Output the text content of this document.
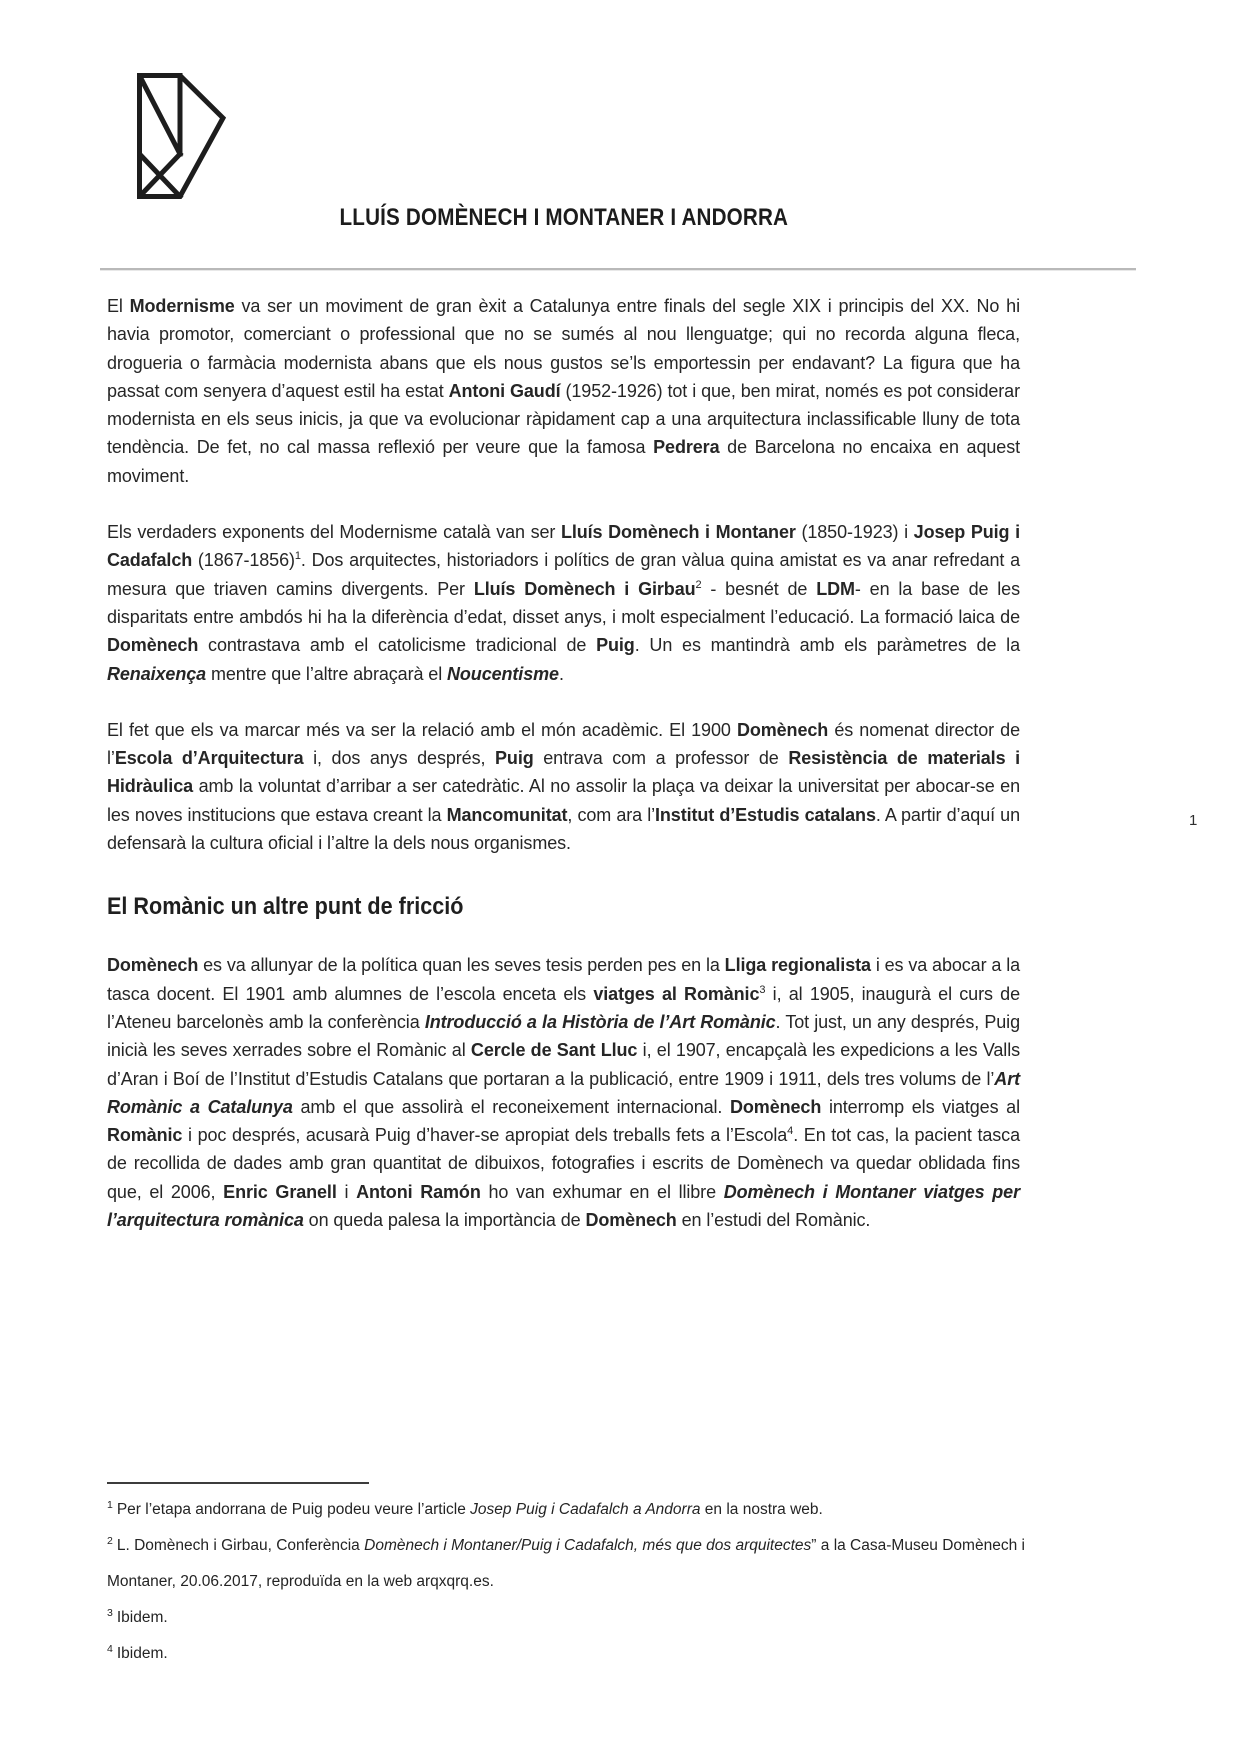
LLUÍS DOMÈNECH I MONTANER I ANDORRA
1

El Modernisme va ser un moviment de gran èxit a Catalunya entre finals del segle XIX i principis del XX. No hi havia promotor, comerciant o professional que no se sumés al nou llenguatge; qui no recorda alguna fleca, drogueria o farmàcia modernista abans que els nous gustos se’ls emportessin per endavant? La figura que ha passat com senyera d’aquest estil ha estat Antoni Gaudí (1952-1926) tot i que, ben mirat, només es pot considerar modernista en els seus inicis, ja que va evolucionar ràpidament cap a una arquitectura inclassificable lluny de tota tendència. De fet, no cal massa reflexió per veure que la famosa Pedrera de Barcelona no encaixa en aquest moviment.

Els verdaders exponents del Modernisme català van ser Lluís Domènech i Montaner (1850-1923) i Josep Puig i Cadafalch (1867-1856)$^1$. Dos arquitectes, historiadors i polítics de gran vàlua quina amistat es va anar refredant a mesura que triaven camins divergents. Per Lluís Domènech i Girbau$^2$ - besnét de LDM- en la base de les disparitats entre ambdós hi ha la diferència d’edat, disset anys, i molt especialment l’educació. La formació laica de Domènech contrastava amb el catolicisme tradicional de Puig. Un es mantindrà amb els paràmetres de la Renaixença mentre que l’altre abraçarà el Noucentisme.

El fet que els va marcar més va ser la relació amb el món acadèmic. El 1900 Domènech és nomenat director de l’Escola d’Arquitectura i, dos anys després, Puig entrava com a professor de Resistència de materials i Hidràulica amb la voluntat d’arribar a ser catedràtic. Al no assolir la plaça va deixar la universitat per abocar-se en les noves institucions que estava creant la Mancomunitat, com ara l’Institut d’Estudis catalans. A partir d’aquí un defensarà la cultura oficial i l’altre la dels nous organismes.

El Romànic un altre punt de fricció

Domènech es va allunyar de la política quan les seves tesis perden pes en la Lliga regionalista i es va abocar a la tasca docent. El 1901 amb alumnes de l’escola enceta els viatges al Romànic$^3$ i, al 1905, inaugurà el curs de l’Ateneu barcelonès amb la conferència Introducció a la Història de l’Art Romànic. Tot just, un any després, Puig inicià les seves xerrades sobre el Romànic al Cercle de Sant Lluc i, el 1907, encapçalà les expedicions a les Valls d’Aran i Boí de l’Institut d’Estudis Catalans que portaran a la publicació, entre 1909 i 1911, dels tres volums de l’Art Romànic a Catalunya amb el que assolirà el reconeixement internacional. Domènech interromp els viatges al Romànic i poc després, acusarà Puig d’haver-se apropiat dels treballs fets a l’Escola$^4$. En tot cas, la pacient tasca de recollida de dades amb gran quantitat de dibuixos, fotografies i escrits de Domènech va quedar oblidada fins que, el 2006, Enric Granell i Antoni Ramón ho van exhumar en el llibre Domènech i Montaner viatges per l’arquitectura romànica on queda palesa la importància de Domènech en l’estudi del Romànic.

$^1$ Per l’etapa andorrana de Puig podeu veure l’article Josep Puig i Cadafalch a Andorra en la nostra web.
$^2$ L. Domènech i Girbau, Conferència Domènech i Montaner/Puig i Cadafalch, més que dos arquitectes” a la Casa-Museu Domènech i Montaner, 20.06.2017, reproduïda en la web arqxqrq.es.
$^3$ Ibidem.
$^4$ Ibidem.
